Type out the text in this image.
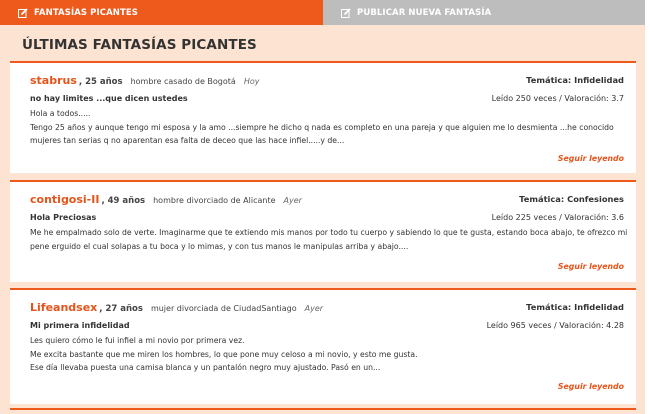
FANTASÍAS PICANTES	PUBLICAR NUEVA FANTASÍA
ÚLTIMAS FANTASÍAS PICANTES
stabrus , 25 años hombre casado de Bogotá Hoy	Temática: Infidelidad
no hay limites ...que dicen ustedes	Leído 250 veces / Valoración: 3.7
Hola a todos.....
Tengo 25 años y aunque tengo mi esposa y la amo ...siempre he dicho q nada es completo en una pareja y que alguien me lo desmienta ...he conocido
mujeres tan serias q no aparentan esa falta de deceo que las hace infiel.....y de...
Seguir leyendo
contigosi-II , 49 años hombre divorciado de Alicante Ayer	Temática: Confesiones
Hola Preciosas	Leído 225 veces / Valoración: 3.6
Me he empalmado solo de verte. Imaginarme que te extiendo mis manos por todo tu cuerpo y sabiendo lo que te gusta, estando boca abajo, te ofrezco mi
pene erguido el cual solapas a tu boca y lo mimas, y con tus manos le manipulas arriba y abajo....
Seguir leyendo
Lifeandsex , 27 años mujer divorciada de CiudadSantiago Ayer	Temática: Infidelidad
Mi primera infidelidad	Leído 965 veces / Valoración: 4.28
Les quiero cómo le fui infiel a mi novio por primera vez.
Me excita bastante que me miren los hombres, lo que pone muy celoso a mi novio, y esto me gusta.
Ese día llevaba puesta una camisa blanca y un pantalón negro muy ajustado. Pasó en un...
Seguir leyendo
